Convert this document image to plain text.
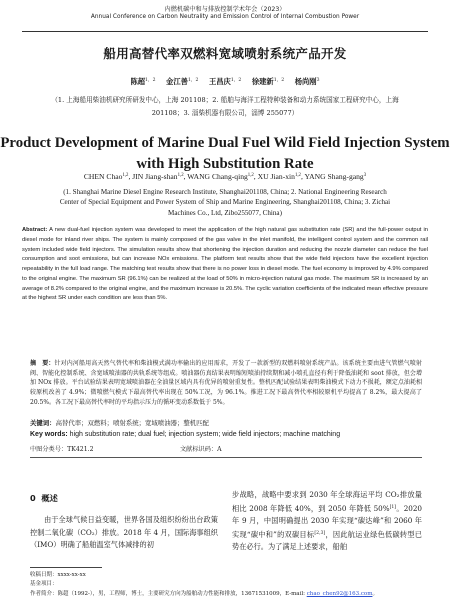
内燃机碳中和与排放控制学术年会（2023）
Annual Conference on Carbon Neutrality and Emission Control of Internal Combustion Power
船用高替代率双燃料宽域喷射系统产品开发
陈超$^{1,2}$ 金江善$^{1,2}$ 王昌庆$^{1,2}$ 徐建新$^{1,2}$ 杨尚刚$^3$
（1. 上海船用柴油机研究所研发中心，上海 201108；2. 船舶与海洋工程特种装备和动力系统国家工程研究中心，上海 201108；3. 淄柴机器有限公司，淄博 255077）
Product Development of Marine Dual Fuel Wild Field Injection System with High Substitution Rate
CHEN Chao$^{1,2}$, JIN Jiang-shan$^{1,2}$, WANG Chang-qing$^{1,2}$, XU Jian-xin$^{1,2}$, YANG Shang-gang$^3$
(1. Shanghai Marine Diesel Engine Research Institute, Shanghai201108, China; 2. National Engineering Research Center of Special Equipment and Power System of Ship and Marine Engineering, Shanghai201108, China; 3. Zichai Machines Co., Ltd, Zibo255077, China)
Abstract: A new dual-fuel injection system was developed to meet the application of the high natural gas substitution rate (SR) and the full-power output in diesel mode for inland river ships. The system is mainly composed of the gas valve in the inlet manifold, the intelligent control system and the common rail system included wide field injectors. The simulation results show that shortening the injection duration and reducing the nozzle diameter can reduce the fuel consumption and soot emissions, but can increase NOx emissions. The platform test results show that the wide field injectors have the excellent injection repeatability in the full load range. The matching test results show that there is no power loss in diesel mode. The fuel economy is improved by 4.9% compared to the original engine. The maximum SR (96.1%) can be realized at the load of 50% in micro-injection natural gas mode. The maximum SR is increased by an average of 8.2% compared to the original engine, and the maximum increase is 20.5%. The cyclic variation coefficients of the indicated mean effective pressure at the highest SR under each condition are less than 5%.
摘　要：针对内河船用高天然气替代率和柴油模式满功率输出的应用需求，开发了一款新型的双燃料喷射系统产品。该系统主要由进气管燃气喷射阀、智能化控制系统、含宽域喷油器的共轨系统等组成。喷油器仿真结果表明缩短喷油持续期和减小喷孔直径有利于降低油耗和 soot 排放，但会增加 NOx 排放。平台试验结果表明宽域喷油器在全油量区域内具有优异的喷射重复性。整机匹配试验结果表明柴油模式下动力不损耗，额定点油耗相较原机改善了 4.9%；微喷燃气模式下最高替代率出现在 50%工况，为 96.1%。推进工况下最高替代率相较原机平均提高了 8.2%，最大提高了 20.5%。各工况下最高替代率时的平均指示压力的循环变动系数低于 5%。
关键词：高替代率；双燃料；喷射系统；宽域喷油器；整机匹配
Key words: high substitution rate; dual fuel; injection system; wide field injectors; machine matching
中图分类号：TK421.2	文献标识码：A
0 概述
由于全球气候日益变暖，世界各国及组织纷纷出台政策控制二氧化碳（CO₂）排放。2018 年 4 月，国际海事组织（IMO）明确了船舶温室气体减排的初
步战略，战略中要求到 2030 年全球海运平均 CO₂排放量相比 2008 年降低 40%，到 2050 年降低 50%[1]。2020 年 9 月，中国明确提出 2030 年实现“碳达峰”和 2060 年实现“碳中和”的双碳目标[2,3]，因此航运业绿色低碳转型已势在必行。为了满足上述要求，船舶
收稿日期：xxxx-xx-xx
基金项目：
作者简介：陈超（1992-），男，工程师，博士，主要研究方向为船舶动力性能和排放，13671531009，E-mail: chao_chen92@163.com。
